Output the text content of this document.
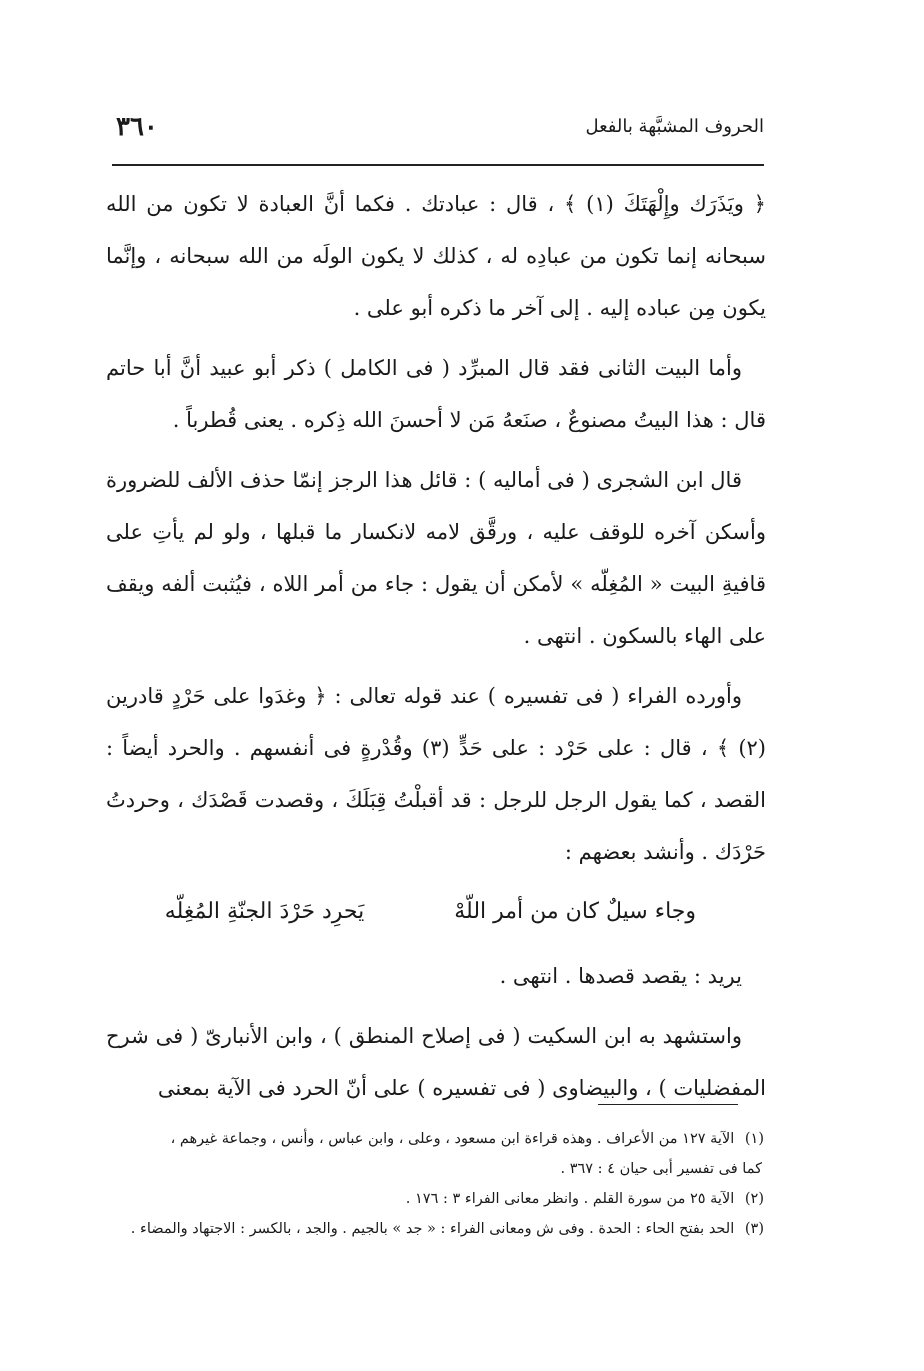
الحروف المشبَّهة بالفعل
٣٦٠

﴿ ويَذَرَك وإِلْهَتَكَ (١) ﴾ ، قال : عبادتك . فكما أنَّ العبادة لا تكون من الله سبحانه إنما تكون من عبادِه له ، كذلك لا يكون الولَه من الله سبحانه ، وإنَّما يكون مِن عباده إليه . إلى آخر ما ذكره أبو على .

وأما البيت الثانى فقد قال المبرِّد ( فى الكامل ) ذكر أبو عبيد أنَّ أبا حاتم قال : هذا البيتُ مصنوعٌ ، صنَعهُ مَن لا أحسنَ الله ذِكره . يعنى قُطرباً .

قال ابن الشجرى ( فى أماليه ) : قائل هذا الرجز إنمّا حذف الألف للضرورة وأسكن آخره للوقف عليه ، ورقَّق لامه لانكسار ما قبلها ، ولو لم يأتِ على قافيةِ البيت « المُغِلّه » لأمكن أن يقول : جاء من أمر اللاه ، فيُثبت ألفه ويقف على الهاء بالسكون . انتهى .

وأورده الفراء ( فى تفسيره ) عند قوله تعالى : ﴿ وغدَوا على حَرْدٍ قادرين (٢) ﴾ ، قال : على حَرْد : على حَدٍّ (٣) وقُدْرةٍ فى أنفسهم . والحرد أيضاً : القصد ، كما يقول الرجل للرجل : قد أقبلْتُ قِبَلَكَ ، وقصدت قَصْدَك ، وحردتُ حَرْدَك . وأنشد بعضهم :

وجاء سيلٌ كان من أمر اللّهْ
يَحرِد حَرْدَ الجنّةِ المُغِلّه

يريد : يقصد قصدها . انتهى .

واستشهد به ابن السكيت ( فى إصلاح المنطق ) ، وابن الأنبارىّ ( فى شرح المفضليات ) ، والبيضاوى ( فى تفسيره ) على أنّ الحرد فى الآية بمعنى

(١) الآية ١٢٧ من الأعراف . وهذه قراءة ابن مسعود ، وعلى ، وابن عباس ، وأنس ، وجماعة غيرهم ،

كما فى تفسير أبى حيان ٤ : ٣٦٧ .

(٢) الآية ٢٥ من سورة القلم . وانظر معانى الفراء ٣ : ١٧٦ .

(٣) الحد بفتح الحاء : الحدة . وفى ش ومعانى الفراء : « جد » بالجيم . والجد ، بالكسر : الاجتهاد والمضاء .
